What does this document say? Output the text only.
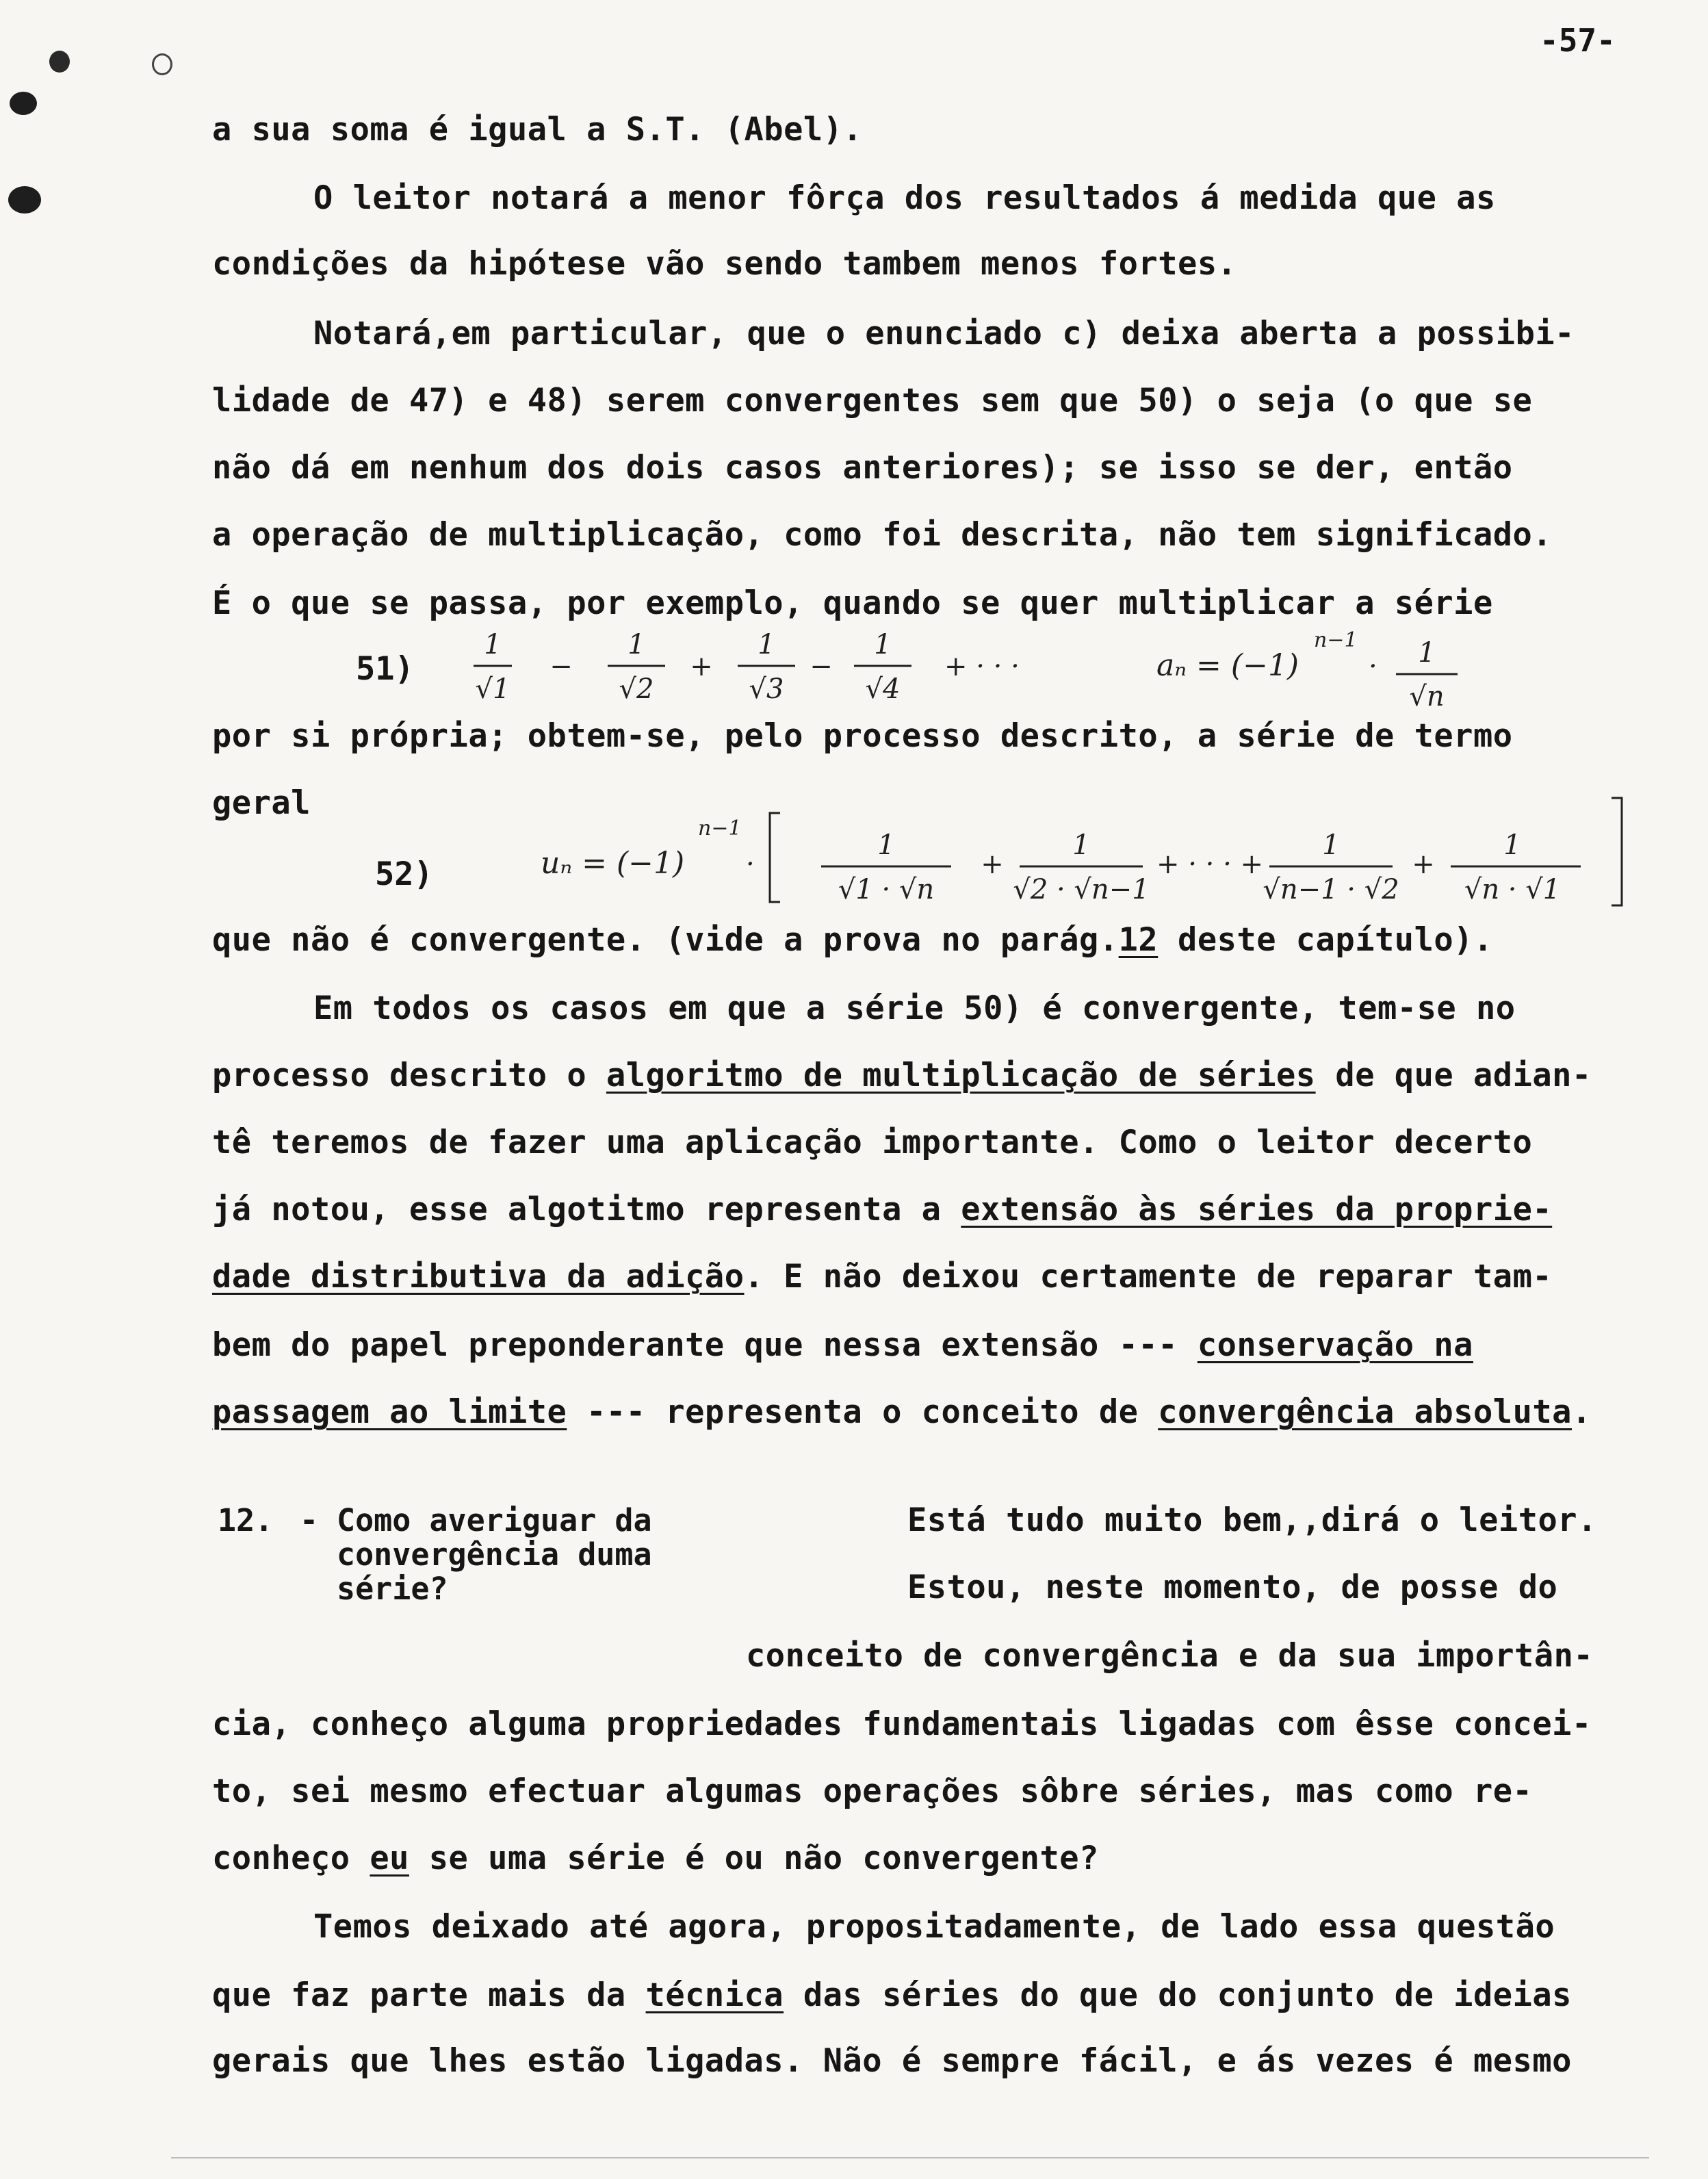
-57-
a sua soma é igual a S.T. (Abel).
O leitor notará a menor fôrça dos resultados á medida que as
condições da hipótese vão sendo tambem menos fortes.
Notará,em particular, que o enunciado c) deixa aberta a possibi-
lidade de 47) e 48) serem convergentes sem que 50) o seja (o que se
não dá em nenhum dos dois casos anteriores); se isso se der, então
a operação de multiplicação, como foi descrita, não tem significado.
É o que se passa, por exemplo, quando se quer multiplicar a série
51)
1
√1
−
1
√2
+
1
√3
−
1
√4
+ · · ·	aₙ = (−1)
n−1
· 1
√n
por si própria; obtem-se, pelo processo descrito, a série de termo
geral
52)	uₙ = (−1)
n−1
·
1
√1 · √n
+
1
√2 · √n−1
+ · · · +
1
√n−1 · √2
+
1
√n · √1
que não é convergente. (vide a prova no parág.12 deste capítulo).
Em todos os casos em que a série 50) é convergente, tem-se no
processo descrito o algoritmo de multiplicação de séries de que adian-
tê teremos de fazer uma aplicação importante. Como o leitor decerto
já notou, esse algotitmo representa a extensão às séries da proprie-
dade distributiva da adição. E não deixou certamente de reparar tam-
bem do papel preponderante que nessa extensão --- conservação na
passagem ao limite --- representa o conceito de convergência absoluta.
12. - Como averiguar da
convergência duma
série?
Está tudo muito bem,,dirá o leitor.
Estou, neste momento, de posse do
conceito de convergência e da sua importân-
cia, conheço alguma propriedades fundamentais ligadas com êsse concei-
to, sei mesmo efectuar algumas operações sôbre séries, mas como re-
conheço eu se uma série é ou não convergente?
Temos deixado até agora, propositadamente, de lado essa questão
que faz parte mais da técnica das séries do que do conjunto de ideias
gerais que lhes estão ligadas. Não é sempre fácil, e ás vezes é mesmo
